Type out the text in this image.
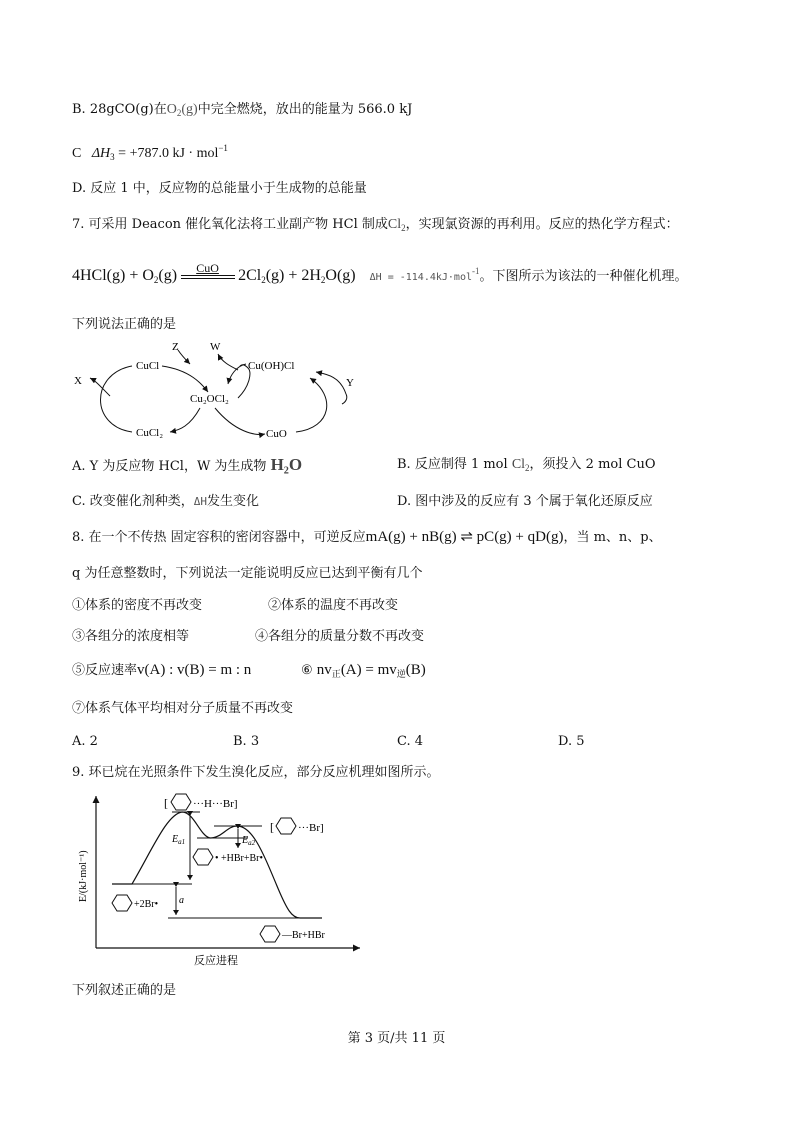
B. 28gCO(g)在$O_2(g)$中完全燃烧，放出的能量为 566.0 kJ
C $\Delta H_3 = +787.0$ kJ · mol$^{-1}$
D. 反应 1 中，反应物的总能量小于生成物的总能量
7. 可采用 Deacon 催化氧化法将工业副产物 HCl 制成$Cl_2$，实现氯资源的再利用。反应的热化学方程式：
$4HCl(g) + O_2(g)$	CuO	$2Cl_2(g) + 2H_2O(g) \Delta H = -114.4kJ\cdot mol^{-1}$。下图所示为该法的一种催化机理。
下列说法正确的是
CuCl	Cu(OH)Cl
Cu₂OCl₂
CuCl₂	CuO
X	Y
Z	W
A. Y 为反应物 HCl，W 为生成物 H₂O	B. 反应制得 1 mol $Cl_2$，须投入 2 mol CuO
C. 改变催化剂种类，ΔH发生变化	D. 图中涉及的反应有 3 个属于氧化还原反应
8. 在一个不传热 固定容积的密闭容器中，可逆反应mA(g) + nB(g) ⇌ pC(g) + qD(g)，当 m、n、p、
q 为任意整数时，下列说法一定能说明反应已达到平衡有几个
①体系的密度不再改变	②体系的温度不再改变
③各组分的浓度相等	④各组分的质量分数不再改变
⑤反应速率v(A) : v(B) = m : n	⑥ $nv_正(A) = mv_逆(B)$
⑦体系气体平均相对分子质量不再改变
A. 2	B. 3	C. 4	D. 5
9. 环已烷在光照条件下发生溴化反应，部分反应机理如图所示。
[ ···H···Br]
[ ···Br]
$E_{a1}$	$E_{a2}$
• +HBr+Br•
+2Br• a
—Br+HBr
E/(kJ·mol⁻¹)
反应进程
下列叙述正确的是
第 3 页/共 11 页
